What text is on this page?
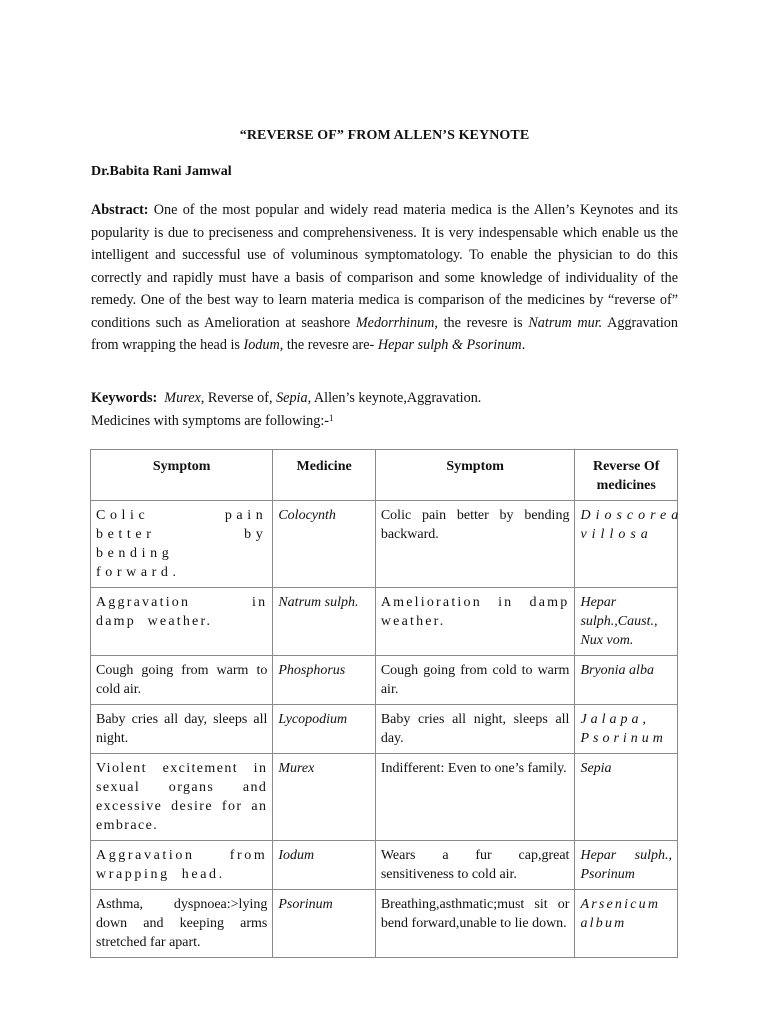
“REVERSE OF” FROM ALLEN’S KEYNOTE
Dr.Babita Rani Jamwal
Abstract: One of the most popular and widely read materia medica is the Allen’s Keynotes and its popularity is due to preciseness and comprehensiveness. It is very indespensable which enable us the intelligent and successful use of voluminous symptomatology. To enable the physician to do this correctly and rapidly must have a basis of comparison and some knowledge of individuality of the remedy. One of the best way to learn materia medica is comparison of the medicines by “reverse of” conditions such as Amelioration at seashore Medorrhinum, the revesre is Natrum mur. Aggravation from wrapping the head is Iodum, the revesre are- Hepar sulph & Psorinum.
Keywords: Murex, Reverse of, Sepia, Allen’s keynote,Aggravation.
Medicines with symptoms are following:-$^1$
Symptom	Medicine	Symptom	Reverse Of medicines
Colic pain better by bending forward.	Colocynth	Colic pain better by bending backward.	Dioscorea villosa
Aggravation in damp weather.	Natrum sulph.	Amelioration in damp weather.	Hepar sulph.,Caust., Nux vom.
Cough going from warm to cold air.	Phosphorus	Cough going from cold to warm air.	Bryonia alba
Baby cries all day, sleeps all night.	Lycopodium	Baby cries all night, sleeps all day.	Jalapa, Psorinum
Violent excitement in sexual organs and excessive desire for an embrace.	Murex	Indifferent: Even to one’s family.	Sepia
Aggravation from wrapping head.	Iodum	Wears a fur cap,great sensitiveness to cold air.	Hepar sulph., Psorinum
Asthma, dyspnoea:>lying down and keeping arms stretched far apart.	Psorinum	Breathing,asthmatic;must sit or bend forward,unable to lie down.	Arsenicum album
